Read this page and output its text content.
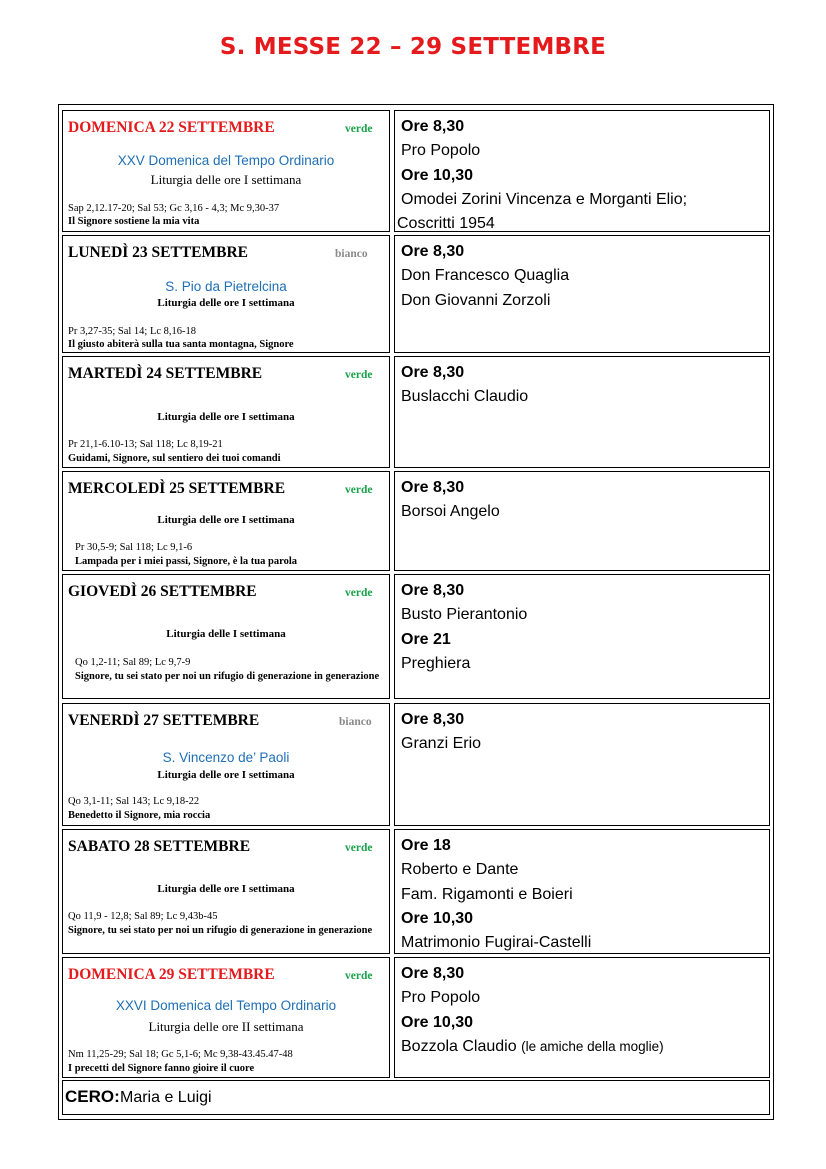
S. MESSE 22 – 29 SETTEMBRE
DOMENICA 22 SETTEMBRE	verde
XXV Domenica del Tempo Ordinario
Liturgia delle ore I settimana
Sap 2,12.17-20; Sal 53; Gc 3,16 - 4,3; Mc 9,30-37
Il Signore sostiene la mia vita
Ore 8,30
Pro Popolo
Ore 10,30
Omodei Zorini Vincenza e Morganti Elio;
Coscritti 1954
LUNEDÌ 23 SETTEMBRE	bianco
S. Pio da Pietrelcina
Liturgia delle ore I settimana
Pr 3,27-35; Sal 14; Lc 8,16-18
Il giusto abiterà sulla tua santa montagna, Signore
Ore 8,30
Don Francesco Quaglia
Don Giovanni Zorzoli
MARTEDÌ 24 SETTEMBRE	verde
Liturgia delle ore I settimana
Pr 21,1-6.10-13; Sal 118; Lc 8,19-21
Guidami, Signore, sul sentiero dei tuoi comandi
Ore 8,30
Buslacchi Claudio
MERCOLEDÌ 25 SETTEMBRE	verde
Liturgia delle ore I settimana
Pr 30,5-9; Sal 118; Lc 9,1-6
Lampada per i miei passi, Signore, è la tua parola
Ore 8,30
Borsoi Angelo
GIOVEDÌ 26 SETTEMBRE	verde
Liturgia delle I settimana
Qo 1,2-11; Sal 89; Lc 9,7-9
Signore, tu sei stato per noi un rifugio di generazione in generazione
Ore 8,30
Busto Pierantonio
Ore 21
Preghiera
VENERDÌ 27 SETTEMBRE	bianco
S. Vincenzo de’ Paoli
Liturgia delle ore I settimana
Qo 3,1-11; Sal 143; Lc 9,18-22
Benedetto il Signore, mia roccia
Ore 8,30
Granzi Erio
SABATO 28 SETTEMBRE	verde
Liturgia delle ore I settimana
Qo 11,9 - 12,8; Sal 89; Lc 9,43b-45
Signore, tu sei stato per noi un rifugio di generazione in generazione
Ore 18
Roberto e Dante
Fam. Rigamonti e Boieri
Ore 10,30
Matrimonio Fugirai-Castelli
DOMENICA 29 SETTEMBRE	verde
XXVI Domenica del Tempo Ordinario
Liturgia delle ore II settimana
Nm 11,25-29; Sal 18; Gc 5,1-6; Mc 9,38-43.45.47-48
I precetti del Signore fanno gioire il cuore
Ore 8,30
Pro Popolo
Ore 10,30
Bozzola Claudio (le amiche della moglie)
CERO: Maria e Luigi
